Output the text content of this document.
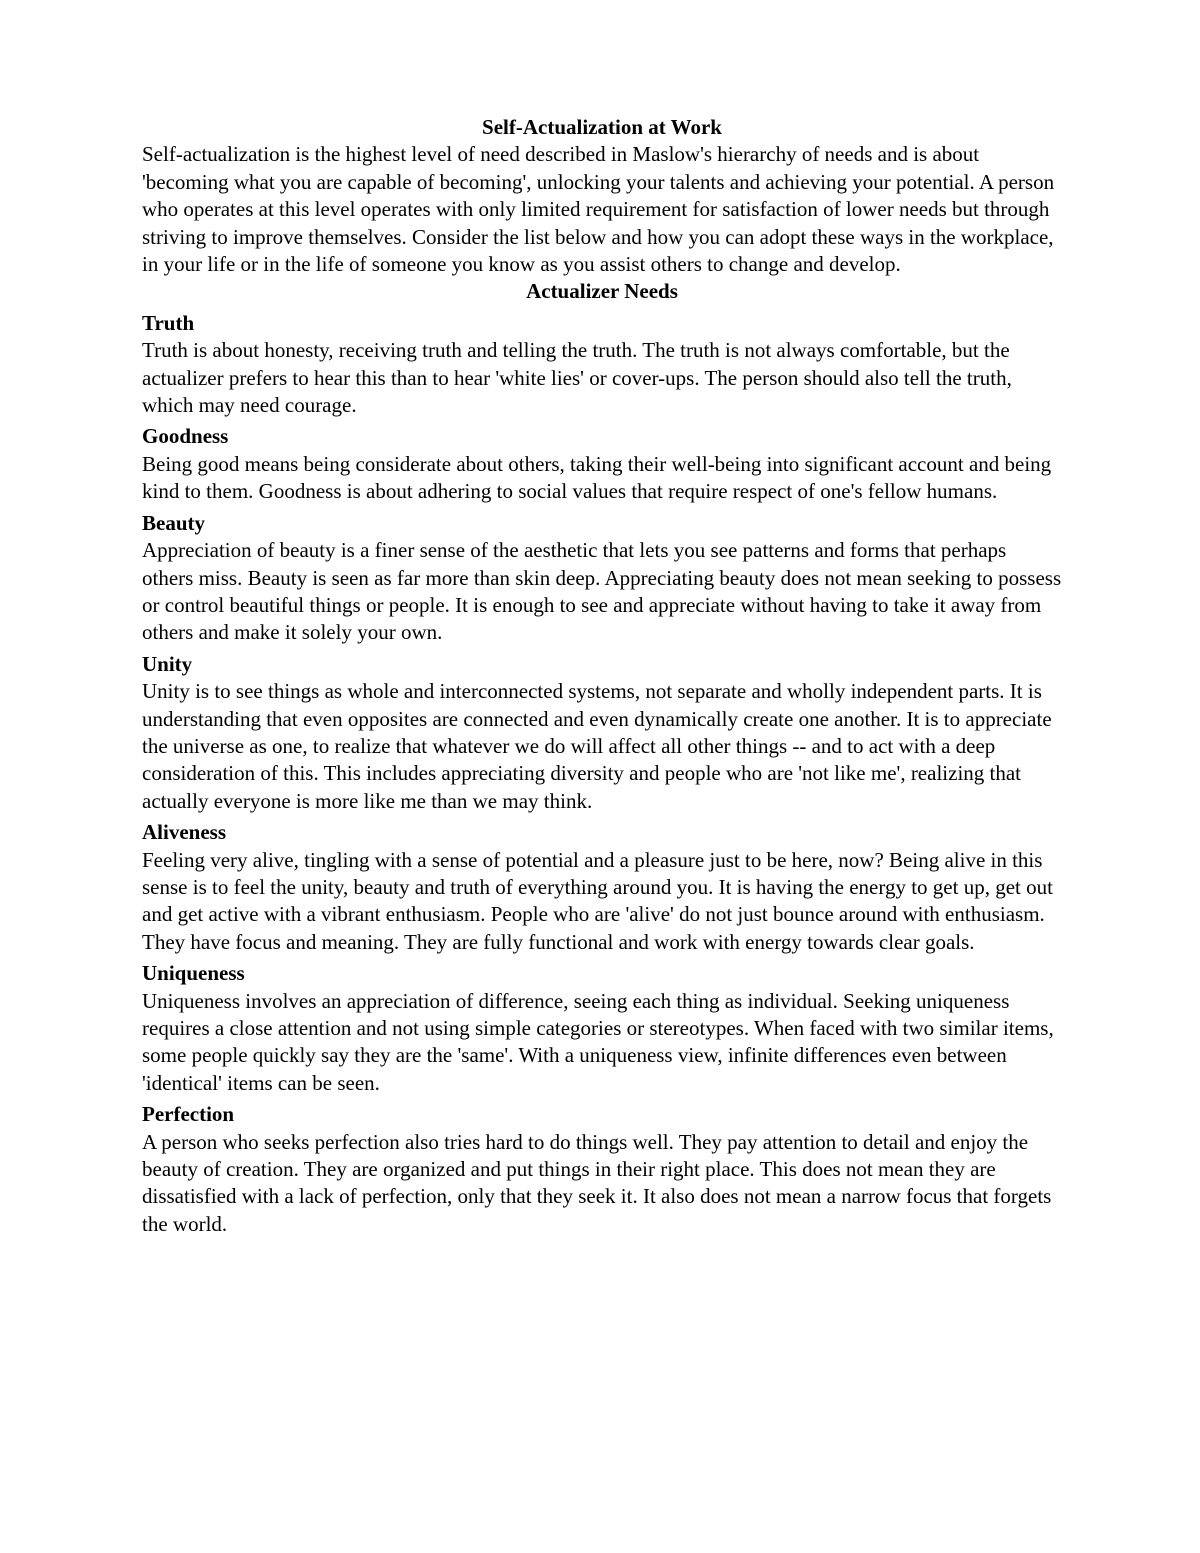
Self-Actualization at Work

Self-actualization is the highest level of need described in Maslow's hierarchy of needs and is about 'becoming what you are capable of becoming', unlocking your talents and achieving your potential. A person who operates at this level operates with only limited requirement for satisfaction of lower needs but through striving to improve themselves. Consider the list below and how you can adopt these ways in the workplace, in your life or in the life of someone you know as you assist others to change and develop.

Actualizer Needs

Truth

Truth is about honesty, receiving truth and telling the truth. The truth is not always comfortable, but the actualizer prefers to hear this than to hear 'white lies' or cover-ups. The person should also tell the truth, which may need courage.

Goodness

Being good means being considerate about others, taking their well-being into significant account and being kind to them. Goodness is about adhering to social values that require respect of one's fellow humans.

Beauty

Appreciation of beauty is a finer sense of the aesthetic that lets you see patterns and forms that perhaps others miss. Beauty is seen as far more than skin deep. Appreciating beauty does not mean seeking to possess or control beautiful things or people. It is enough to see and appreciate without having to take it away from others and make it solely your own.

Unity

Unity is to see things as whole and interconnected systems, not separate and wholly independent parts. It is understanding that even opposites are connected and even dynamically create one another. It is to appreciate the universe as one, to realize that whatever we do will affect all other things -- and to act with a deep consideration of this. This includes appreciating diversity and people who are 'not like me', realizing that actually everyone is more like me than we may think.

Aliveness

Feeling very alive, tingling with a sense of potential and a pleasure just to be here, now? Being alive in this sense is to feel the unity, beauty and truth of everything around you. It is having the energy to get up, get out and get active with a vibrant enthusiasm. People who are 'alive' do not just bounce around with enthusiasm. They have focus and meaning. They are fully functional and work with energy towards clear goals.

Uniqueness

Uniqueness involves an appreciation of difference, seeing each thing as individual. Seeking uniqueness requires a close attention and not using simple categories or stereotypes. When faced with two similar items, some people quickly say they are the 'same'. With a uniqueness view, infinite differences even between 'identical' items can be seen.

Perfection

A person who seeks perfection also tries hard to do things well. They pay attention to detail and enjoy the beauty of creation. They are organized and put things in their right place. This does not mean they are dissatisfied with a lack of perfection, only that they seek it. It also does not mean a narrow focus that forgets the world.
